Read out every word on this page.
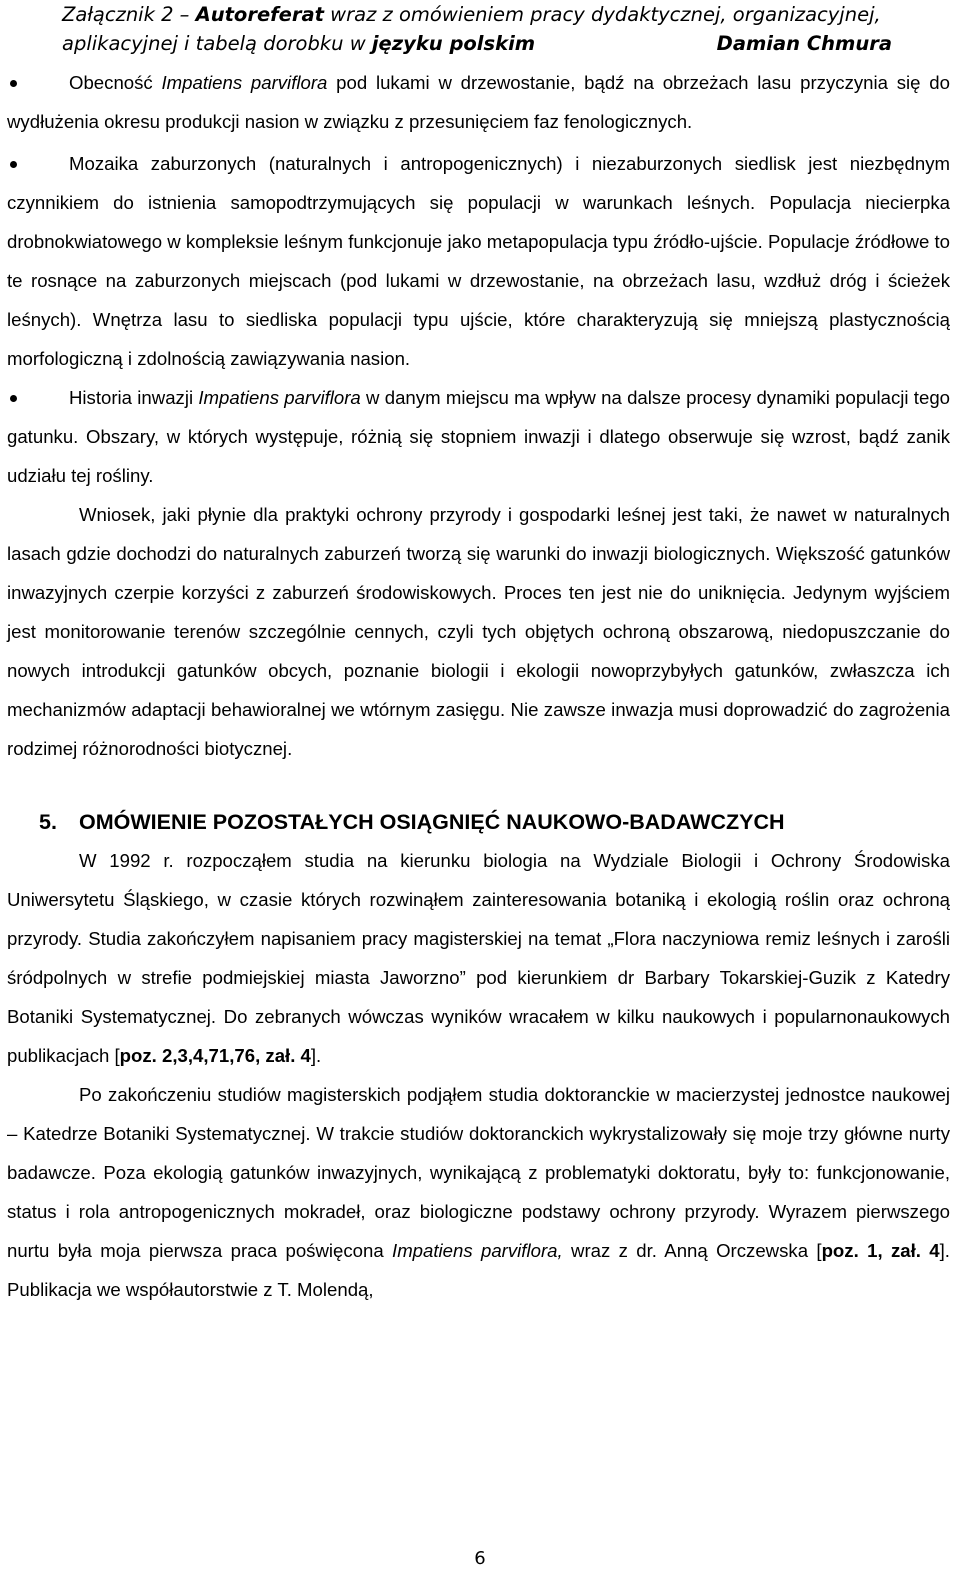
Załącznik 2 – Autoreferat wraz z omówieniem pracy dydaktycznej, organizacyjnej,
aplikacyjnej i tabelą dorobku w języku polskim	Damian Chmura

Obecność Impatiens parviflora pod lukami w drzewostanie, bądź na obrzeżach lasu przyczynia się do wydłużenia okresu produkcji nasion w związku z przesunięciem faz fenologicznych.

Mozaika zaburzonych (naturalnych i antropogenicznych) i niezaburzonych siedlisk jest niezbędnym czynnikiem do istnienia samopodtrzymujących się populacji w warunkach leśnych. Populacja niecierpka drobnokwiatowego w kompleksie leśnym funkcjonuje jako metapopulacja typu źródło-ujście. Populacje źródłowe to te rosnące na zaburzonych miejscach (pod lukami w drzewostanie, na obrzeżach lasu, wzdłuż dróg i ścieżek leśnych). Wnętrza lasu to siedliska populacji typu ujście, które charakteryzują się mniejszą plastycznością morfologiczną i zdolnością zawiązywania nasion.

Historia inwazji Impatiens parviflora w danym miejscu ma wpływ na dalsze procesy dynamiki populacji tego gatunku. Obszary, w których występuje, różnią się stopniem inwazji i dlatego obserwuje się wzrost, bądź zanik udziału tej rośliny.

Wniosek, jaki płynie dla praktyki ochrony przyrody i gospodarki leśnej jest taki, że nawet w naturalnych lasach gdzie dochodzi do naturalnych zaburzeń tworzą się warunki do inwazji biologicznych. Większość gatunków inwazyjnych czerpie korzyści z zaburzeń środowiskowych. Proces ten jest nie do uniknięcia. Jedynym wyjściem jest monitorowanie terenów szczególnie cennych, czyli tych objętych ochroną obszarową, niedopuszczanie do nowych introdukcji gatunków obcych, poznanie biologii i ekologii nowoprzybyłych gatunków, zwłaszcza ich mechanizmów adaptacji behawioralnej we wtórnym zasięgu. Nie zawsze inwazja musi doprowadzić do zagrożenia rodzimej różnorodności biotycznej.

5. OMÓWIENIE POZOSTAŁYCH OSIĄGNIĘĆ NAUKOWO-BADAWCZYCH

W 1992 r. rozpocząłem studia na kierunku biologia na Wydziale Biologii i Ochrony Środowiska Uniwersytetu Śląskiego, w czasie których rozwinąłem zainteresowania botaniką i ekologią roślin oraz ochroną przyrody. Studia zakończyłem napisaniem pracy magisterskiej na temat „Flora naczyniowa remiz leśnych i zarośli śródpolnych w strefie podmiejskiej miasta Jaworzno” pod kierunkiem dr Barbary Tokarskiej-Guzik z Katedry Botaniki Systematycznej. Do zebranych wówczas wyników wracałem w kilku naukowych i popularnonaukowych publikacjach [poz. 2,3,4,71,76, zał. 4].

Po zakończeniu studiów magisterskich podjąłem studia doktoranckie w macierzystej jednostce naukowej – Katedrze Botaniki Systematycznej. W trakcie studiów doktoranckich wykrystalizowały się moje trzy główne nurty badawcze. Poza ekologią gatunków inwazyjnych, wynikającą z problematyki doktoratu, były to: funkcjonowanie, status i rola antropogenicznych mokradeł, oraz biologiczne podstawy ochrony przyrody. Wyrazem pierwszego nurtu była moja pierwsza praca poświęcona Impatiens parviflora, wraz z dr. Anną Orczewska [poz. 1, zał. 4]. Publikacja we współautorstwie z T. Molendą,

6
